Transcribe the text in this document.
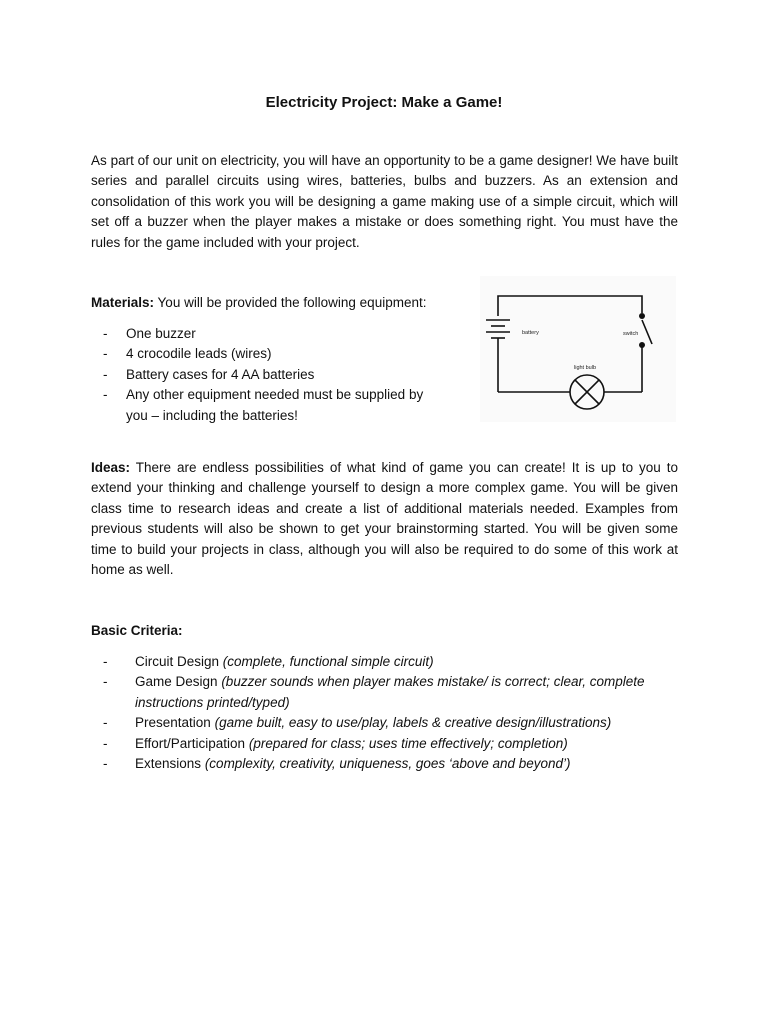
Electricity Project: Make a Game!

As part of our unit on electricity, you will have an opportunity to be a game designer! We have built series and parallel circuits using wires, batteries, bulbs and buzzers. As an extension and consolidation of this work you will be designing a game making use of a simple circuit, which will set off a buzzer when the player makes a mistake or does something right. You must have the rules for the game included with your project.

Materials: You will be provided the following equipment:

- One buzzer
- 4 crocodile leads (wires)
- Battery cases for 4 AA batteries
- Any other equipment needed must be supplied by you – including the batteries!
battery	switch
light bulb

Ideas: There are endless possibilities of what kind of game you can create! It is up to you to extend your thinking and challenge yourself to design a more complex game. You will be given class time to research ideas and create a list of additional materials needed. Examples from previous students will also be shown to get your brainstorming started. You will be given some time to build your projects in class, although you will also be required to do some of this work at home as well.

Basic Criteria:

- Circuit Design (complete, functional simple circuit)
- Game Design (buzzer sounds when player makes mistake/ is correct; clear, complete instructions printed/typed)
- Presentation (game built, easy to use/play, labels & creative design/illustrations)
- Effort/Participation (prepared for class; uses time effectively; completion)
- Extensions (complexity, creativity, uniqueness, goes ‘above and beyond’)
